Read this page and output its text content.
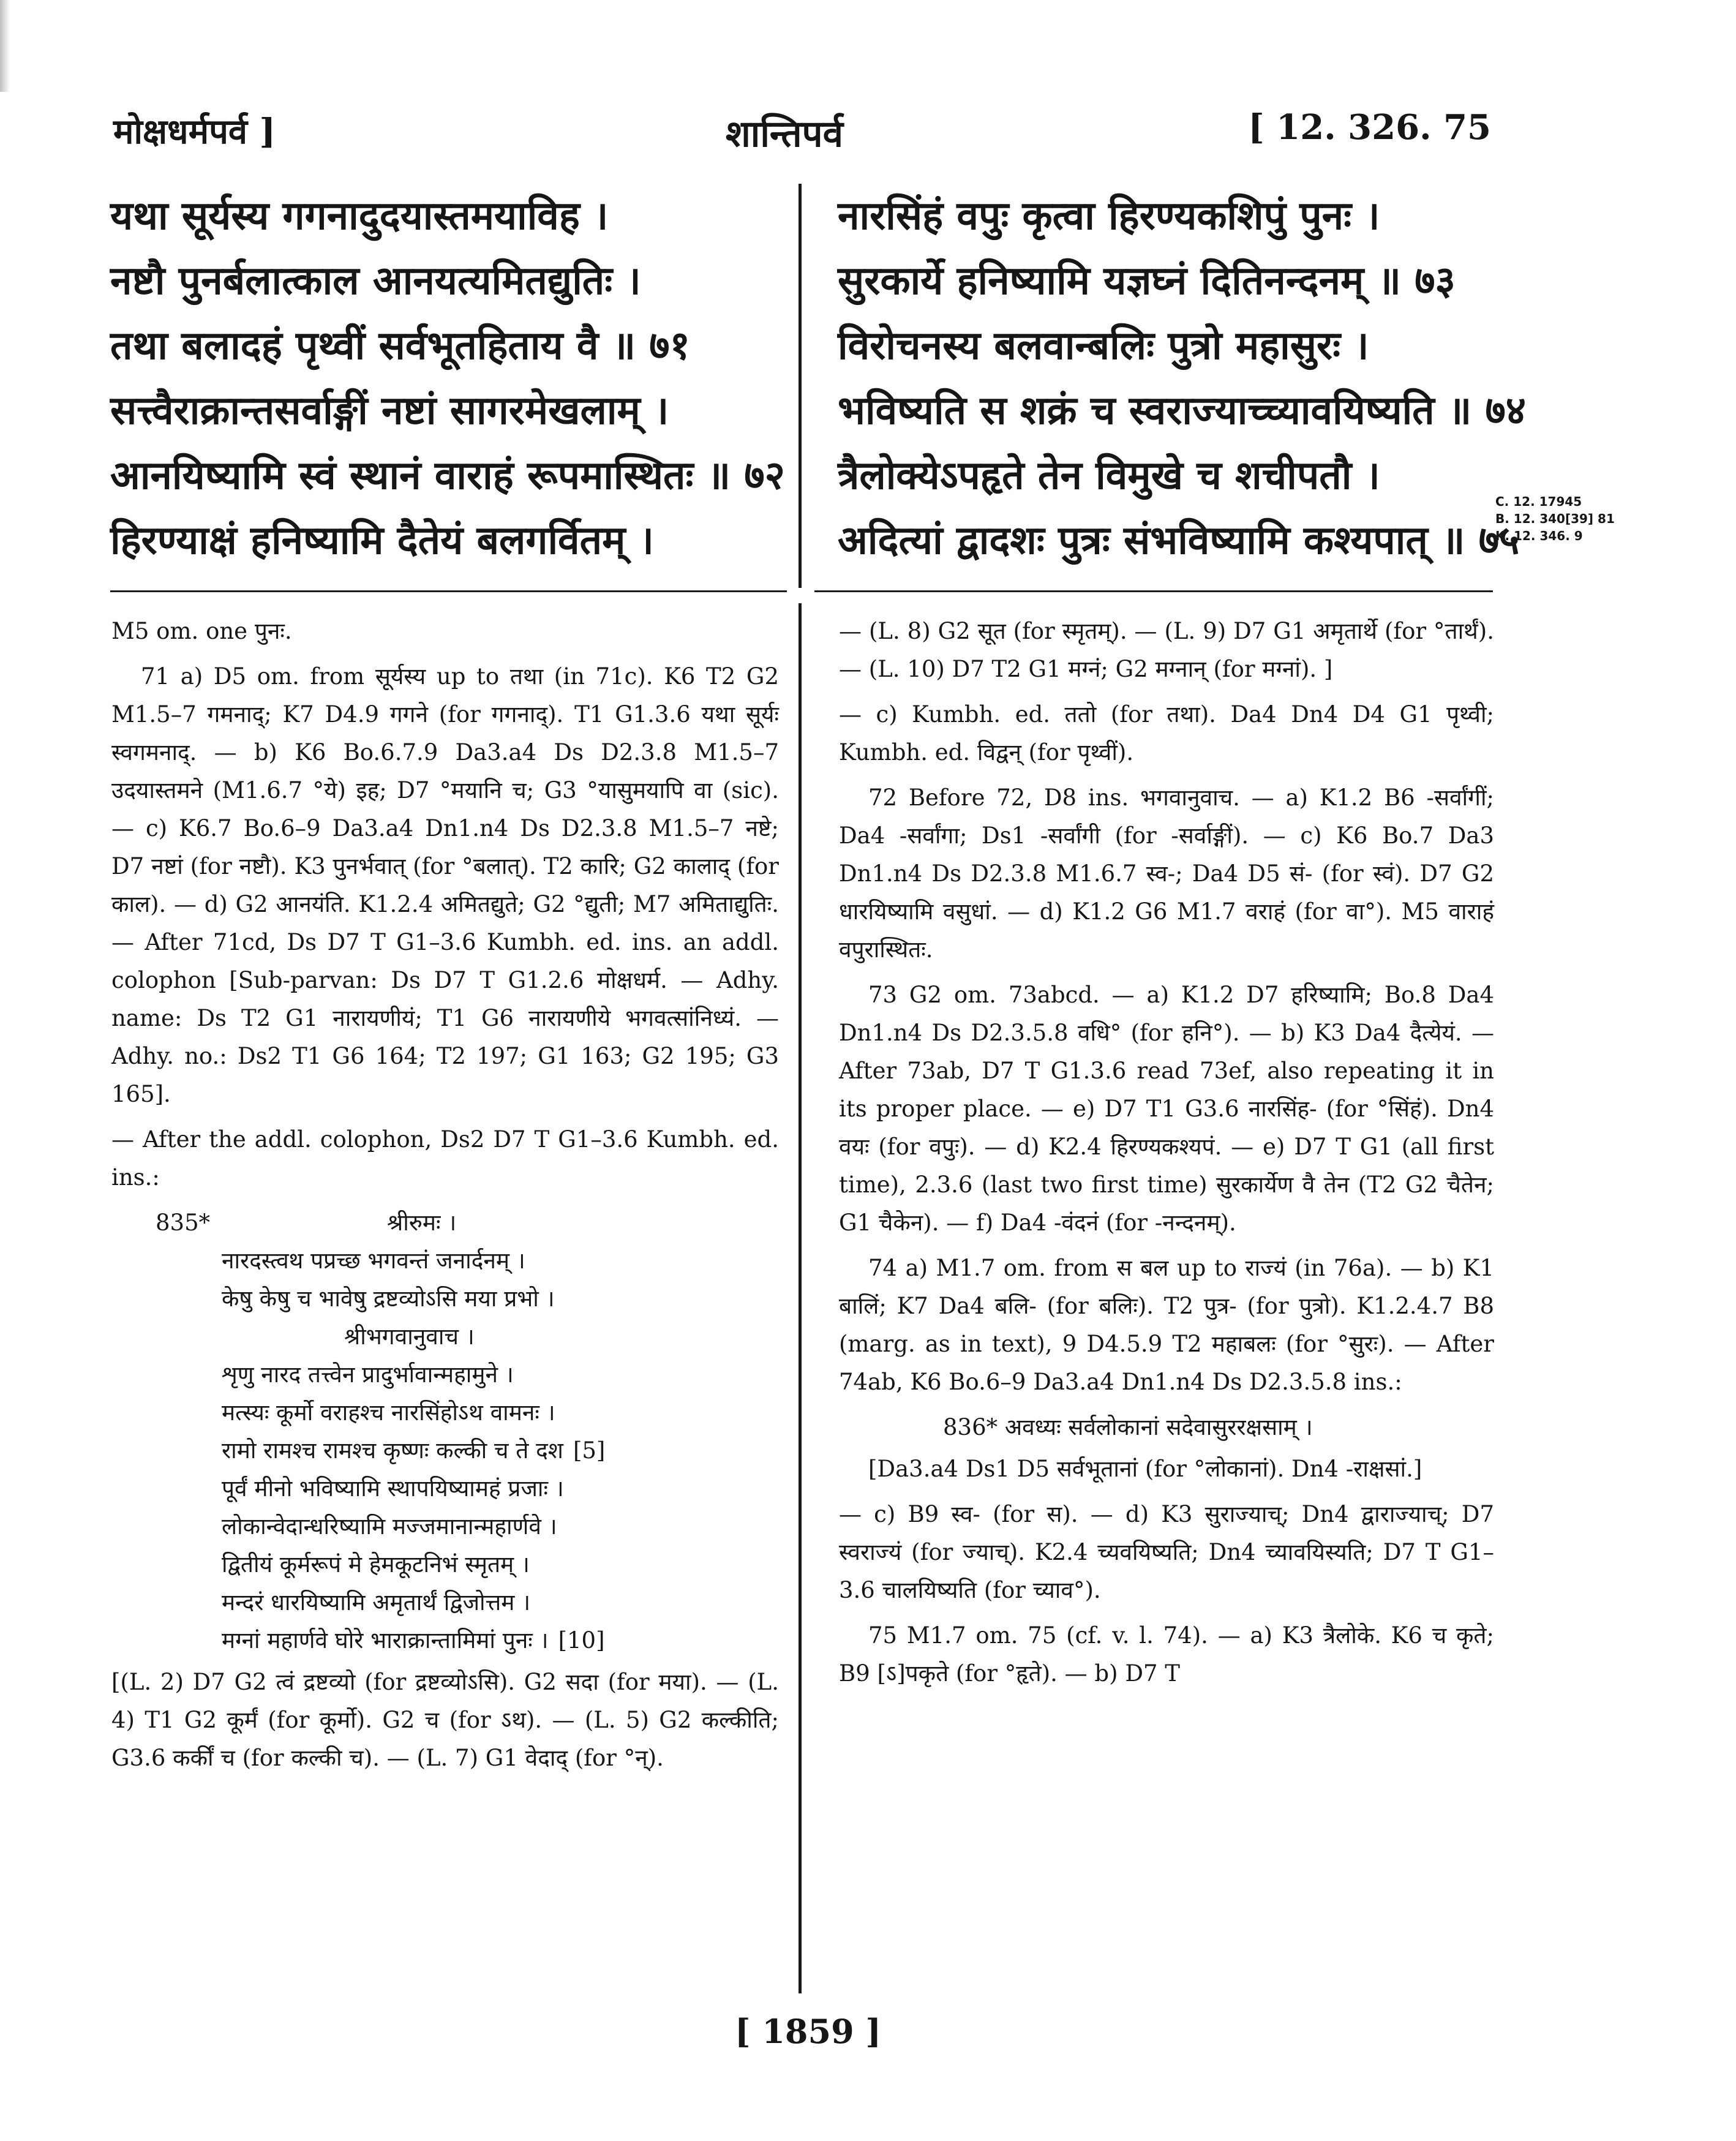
मोक्षधर्मपर्व ]	शान्तिपर्व	[ 12. 326. 75
यथा सूर्यस्य गगनादुदयास्तमयाविह ।
नष्टौ पुनर्बलात्काल आनयत्यमितद्युतिः ।
तथा बलादहं पृथ्वीं सर्वभूतहिताय वै ॥ ७१
सत्त्वैराक्रान्तसर्वाङ्गीं नष्टां सागरमेखलाम् ।
आनयिष्यामि स्वं स्थानं वाराहं रूपमास्थितः ॥ ७२
हिरण्याक्षं हनिष्यामि दैतेयं बलगर्वितम् ।
नारसिंहं वपुः कृत्वा हिरण्यकशिपुं पुनः ।
सुरकार्ये हनिष्यामि यज्ञघ्नं दितिनन्दनम् ॥ ७३
विरोचनस्य बलवान्बलिः पुत्रो महासुरः ।
भविष्यति स शक्रं च स्वराज्याच्च्यावयिष्यति ॥ ७४
त्रैलोक्येऽपहृते तेन विमुखे च शचीपतौ ।
अदित्यां द्वादशः पुत्रः संभविष्यामि कश्यपात् ॥ ७५
C. 12. 17945
B. 12. 340[39] 81
K. 12. 346. 9

M5 om. one पुनः.

71 a) D5 om. from सूर्यस्य up to तथा (in 71c). K6 T2 G2 M1.5–7 गमनाद्; K7 D4.9 गगने (for गगनाद्). T1 G1.3.6 यथा सूर्यः स्वगमनाद्. — b) K6 Bo.6.7.9 Da3.a4 Ds D2.3.8 M1.5–7 उदयास्तमने (M1.6.7 °ये) इह; D7 °मयानि च; G3 °यासुमयापि वा (sic). — c) K6.7 Bo.6–9 Da3.a4 Dn1.n4 Ds D2.3.8 M1.5–7 नष्टे; D7 नष्टां (for नष्टौ). K3 पुनर्भवात् (for °बलात्). T2 कारि; G2 कालाद् (for काल). — d) G2 आनयंति. K1.2.4 अमितद्युते; G2 °द्युती; M7 अमिताद्युतिः. — After 71cd, Ds D7 T G1–3.6 Kumbh. ed. ins. an addl. colophon [Sub-parvan: Ds D7 T G1.2.6 मोक्षधर्म. — Adhy. name: Ds T2 G1 नारायणीयं; T1 G6 नारायणीये भगवत्सांनिध्यं. — Adhy. no.: Ds2 T1 G6 164; T2 197; G1 163; G2 195; G3 165].

— After the addl. colophon, Ds2 D7 T G1–3.6 Kumbh. ed. ins.:

835*	श्रीरुमः ।
नारदस्त्वथ पप्रच्छ भगवन्तं जनार्दनम् ।
केषु केषु च भावेषु द्रष्टव्योऽसि मया प्रभो ।
श्रीभगवानुवाच ।
शृणु नारद तत्त्वेन प्रादुर्भावान्महामुने ।
मत्स्यः कूर्मो वराहश्च नारसिंहोऽथ वामनः ।
रामो रामश्च रामश्च कृष्णः कल्की च ते दश [5]
पूर्वं मीनो भविष्यामि स्थापयिष्यामहं प्रजाः ।
लोकान्वेदान्धरिष्यामि मज्जमानान्महार्णवे ।
द्वितीयं कूर्मरूपं मे हेमकूटनिभं स्मृतम् ।
मन्दरं धारयिष्यामि अमृतार्थं द्विजोत्तम ।
मग्नां महार्णवे घोरे भाराक्रान्तामिमां पुनः । [10]

[(L. 2) D7 G2 त्वं द्रष्टव्यो (for द्रष्टव्योऽसि). G2 सदा (for मया). — (L. 4) T1 G2 कूर्मं (for कूर्मो). G2 च (for ऽथ). — (L. 5) G2 कल्कीति; G3.6 कर्कीं च (for कल्की च). — (L. 7) G1 वेदाद् (for °न्).

— (L. 8) G2 सूत (for स्मृतम्). — (L. 9) D7 G1 अमृतार्थे (for °तार्थं). — (L. 10) D7 T2 G1 मग्नं; G2 मग्नान् (for मग्नां). ]

— c) Kumbh. ed. ततो (for तथा). Da4 Dn4 D4 G1 पृथ्वी; Kumbh. ed. विद्वन् (for पृथ्वीं).

72 Before 72, D8 ins. भगवानुवाच. — a) K1.2 B6 ‑सर्वांगीं; Da4 ‑सर्वांगा; Ds1 ‑सर्वांगी (for ‑सर्वाङ्गीं). — c) K6 Bo.7 Da3 Dn1.n4 Ds D2.3.8 M1.6.7 स्व‑; Da4 D5 सं‑ (for स्वं). D7 G2 धारयिष्यामि वसुधां. — d) K1.2 G6 M1.7 वराहं (for वा°). M5 वाराहं वपुरास्थितः.

73 G2 om. 73abcd. — a) K1.2 D7 हरिष्यामि; Bo.8 Da4 Dn1.n4 Ds D2.3.5.8 वधि° (for हनि°). — b) K3 Da4 दैत्येयं. — After 73ab, D7 T G1.3.6 read 73ef, also repeating it in its proper place. — e) D7 T1 G3.6 नारसिंह‑ (for °सिंहं). Dn4 वयः (for वपुः). — d) K2.4 हिरण्यकश्यपं. — e) D7 T G1 (all first time), 2.3.6 (last two first time) सुरकार्येण वै तेन (T2 G2 चैतेन; G1 चैकेन). — f) Da4 ‑वंदनं (for ‑नन्दनम्).

74 a) M1.7 om. from स बल up to राज्यं (in 76a). — b) K1 बालिं; K7 Da4 बलि‑ (for बलिः). T2 पुत्र‑ (for पुत्रो). K1.2.4.7 B8 (marg. as in text), 9 D4.5.9 T2 महाबलः (for °सुरः). — After 74ab, K6 Bo.6–9 Da3.a4 Dn1.n4 Ds D2.3.5.8 ins.:

836* अवध्यः सर्वलोकानां सदेवासुररक्षसाम् ।

[Da3.a4 Ds1 D5 सर्वभूतानां (for °लोकानां). Dn4 ‑राक्षसां.]

— c) B9 स्व‑ (for स). — d) K3 सुराज्याच्; Dn4 द्वाराज्याच्; D7 स्वराज्यं (for ज्याच्). K2.4 च्यवयिष्यति; Dn4 च्यावयिस्यति; D7 T G1–3.6 चालयिष्यति (for च्याव°).

75 M1.7 om. 75 (cf. v. l. 74). — a) K3 त्रैलोके. K6 च कृते; B9 [ऽ]पकृते (for °हृते). — b) D7 T

[ 1859 ]
